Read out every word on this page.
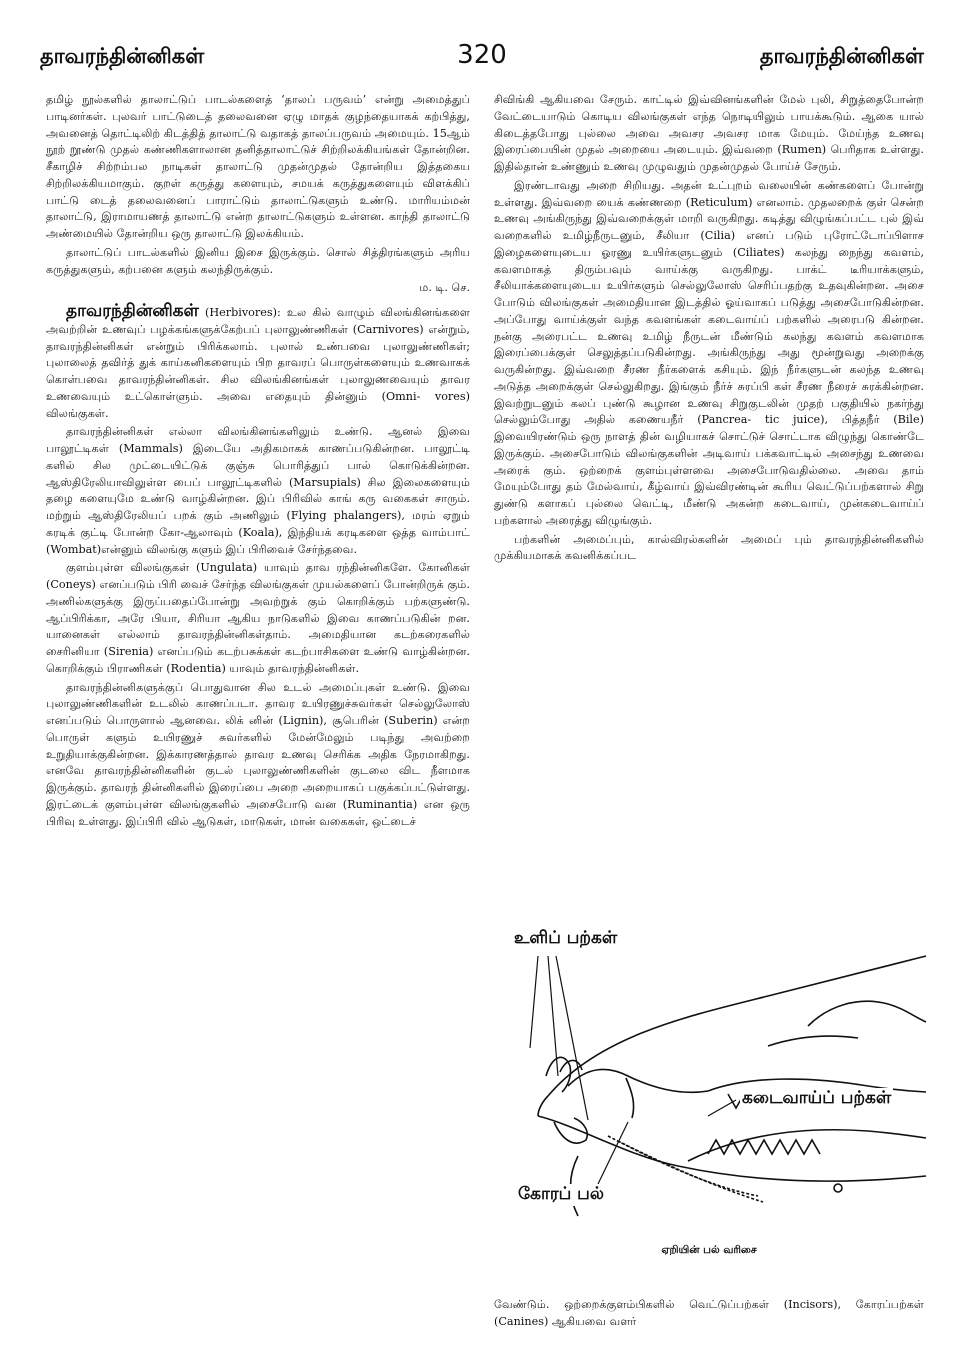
தாவரந்தின்னிகள்	320	தாவரந்தின்னிகள்

தமிழ் நூல்களில் தாலாட்டுப் பாடல்களைத் ‘தாலப் பருவம்’ என்று அமைத்துப் பாடினர்கள். புலவர் பாட்டுடைத் தலைவனை ஏழு மாதக் குழந்தையாகக் கற்பித்து, அவனைத் தொட்டிலிற் கிடத்தித் தாலாட்டு வதாகத் தாலப்பருவம் அமையும். 15ஆம் நூற் றூண்டு முதல் கண்ணிகளாலான தனித்தாலாட்டுச் சிற்றிலக்கியங்கள் தோன்றின. சீகாழிச் சிற்றம்பல நாடிகள் தாலாட்டு முதன்முதல் தோன்றிய இத்தகைய சிற்றிலக்கியமாகும். குறள் கருத்து களையும், சமயக் கருத்துகளையும் விளக்கிப் பாட்டு டைத் தலைவனைப் பாராட்டும் தாலாட்டுகளும் உண்டு. மாரியம்மன் தாலாட்டு, இராமாயணத் தாலாட்டு என்ற தாலாட்டுகளும் உள்ளன. காந்தி தாலாட்டு அண்மையில் தோன்றிய ஒரு தாலாட்டு இலக்கியம்.

தாலாட்டுப் பாடல்களில் இனிய இசை இருக்கும். சொல் சித்திரங்களும் அரிய கருத்துகளும், கற்பனை களும் கலந்திருக்கும்.

ம. டி. செ.

தாவரந்தின்னிகள் (Herbivores): உல கில் வாழும் விலங்கினங்களை அவற்றின் உணவுப் பழக்கங்களுக்கேற்பப் புலாலுண்ணிகள் (Carnivores) என்றும், தாவரந்தின்னிகள் என்றும் பிரிக்கலாம். புலால் உண்பவை புலாலுண்ணிகள்; புலாலைத் தவிர்த் துக் காய்கனிகளையும் பிற தாவரப் பொருள்களையும் உணவாகக் கொள்பவை தாவரந்தின்னிகள். சில விலங்கினங்கள் புலாலுணவையும் தாவர உணவையும் உட்கொள்ளும். அவை எதையும் தின்னும் (Omni- vores) விலங்குகள்.

தாவரந்தின்னிகள் எல்லா விலங்கினங்களிலும் உண்டு. ஆனல் இவை பாலூட்டிகள் (Mammals) இடையே அதிகமாகக் காணப்படுகின்றன. பாலூட்டி களில் சில முட்டையிட்டுக் குஞ்சு பொரித்துப் பால் கொடுக்கின்றன. ஆஸ்திரேலியாவிலுள்ள பைப் பாலூட்டிகளில் (Marsupials) சில இலைகளையும் தழை களையுமே உண்டு வாழ்கின்றன. இப் பிரிவில் காங் கரு வகைகள் சாரும். மற்றும் ஆஸ்திரேலியப் பறக் கும் அணிலும் (Flying phalangers), மரம் ஏறும் கரடிக் குட்டி போன்ற கோ-ஆலாவும் (Koala), இந்தியக் கரடிகளை ஒத்த வாம்பாட் (Wombat)என்னும் விலங்கு களும் இப் பிரிவைச் சேர்ந்தவை.

குளம்புள்ள விலங்குகள் (Ungulata) யாவும் தாவ ரந்தின்னிகளே. கோனிகள் (Coneys) எனப்படும் பிரி வைச் சேர்ந்த விலங்குகள் முயல்களைப் போன்றிருக் கும். அணில்களுக்கு இருப்பதைப்போன்று அவற்றுக் கும் கொறிக்கும் பற்களுண்டு. ஆப்பிரிக்கா, அரே பியா, சிரியா ஆகிய நாடுகளில் இவை காணப்படுகின் றன. யானைகள் எல்லாம் தாவரந்தின்னிகள்தாம். அமைதியான கடற்கரைகளில் சைரினியா (Sirenia) எனப்படும் கடற்பசுக்கள் கடற்பாசிகளை உண்டு வாழ்கின்றன. கொறிக்கும் பிராணிகள் (Rodentia) யாவும் தாவரந்தின்னிகள்.

தாவரந்தின்னிகளுக்குப் பொதுவான சில உடல் அமைப்புகள் உண்டு. இவை புலாலுண்ணிகளின் உடலில் காணப்படா. தாவர உயிரணுச்சுவர்கள் செல்லுலோஸ் எனப்படும் பொருளால் ஆனவை. லிக் னின் (Lignin), சூபெரின் (Suberin) என்ற பொருள் களும் உயிரணுச் சுவர்களில் மேன்மேலும் படிந்து அவற்றை உறுதியாக்குகின்றன. இக்காரணத்தால் தாவர உணவு செரிக்க அதிக நேரமாகிறது. எனவே தாவரந்தின்னிகளின் குடல் புலாலுண்ணிகளின் குடலை விட நீளமாக இருக்கும். தாவரந் தின்னிகளில் இரைப்பை அறை அறையாகப் பகுக்கப்பட்டுள்ளது. இரட்டைக் குளம்புள்ள விலங்குகளில் அசைபோடு வன (Ruminantia) என ஒரு பிரிவு உள்ளது. இப்பிரி வில் ஆடுகள், மாடுகள், மான் வகைகள், ஒட்டைச்

சிவிங்கி ஆகியவை சேரும். காட்டில் இவ்வினங்களின் மேல் புலி, சிறுத்தைபோன்ற வேட்டையாடும் கொடிய விலங்குகள் எந்த நொடியிலும் பாயக்கூடும். ஆகை யால் கிடைத்தபோது புல்லை அவை அவசர அவசர மாக மேயும். மேய்ந்த உணவு இரைப்பையின் முதல் அறையை அடையும். இவ்வறை (Rumen) பெரிதாக உள்ளது. இதில்தான் உண்ணும் உணவு முழுவதும் முதன்முதல் போய்ச் சேரும்.

இரண்டாவது அறை சிறியது. அதன் உட்புறம் வலையின் கண்களைப் போன்று உள்ளது. இவ்வறை யைக் கண்ணறை (Reticulum) எனலாம். முதலறைக் குள் சென்ற உணவு அங்கிருந்து இவ்வறைக்குள் மாறி வருகிறது. கடித்து விழுங்கப்பட்ட புல் இவ் வறைகளில் உமிழ்நீருடனும், சீலியா (Cilia) எனப் படும் புரோட்டோப்பிளாச இழைகளையுடைய ஓரணு உயிர்களுடனும் (Ciliates) கலந்து நைந்து கவளம், கவளமாகத் திரும்பவும் வாய்க்கு வருகிறது. பாக்ட் டீரியாக்களும், சீலியாக்களையுடைய உயிர்களும் செல்லுலோஸ் செரிப்பதற்கு உதவுகின்றன. அசை போடும் விலங்குகள் அமைதியான இடத்தில் ஓய்வாகப் படுத்து அசைபோடுகின்றன. அப்போது வாய்க்குள் வந்த கவளங்கள் கடைவாய்ப் பற்களில் அரைபடு கின்றன. நன்கு அரைபட்ட உணவு உமிழ் நீருடன் மீண்டும் கலந்து கவளம் கவளமாக இரைப்பைக்குள் செலுத்தப்படுகின்றது. அங்கிருந்து அது மூன்றுவது அறைக்கு வருகின்றது. இவ்வறை சீரண நீர்களைக் கசியும். இந் நீர்களுடன் கலந்த உணவு அடுத்த அறைக்குள் செல்லுகிறது. இங்கும் நீர்ச் சுரப்பி கள் சீரண நீரைச் சுரக்கின்றன. இவற்றுடனும் கலப் புண்டு கூழான உணவு சிறுகுடலின் முதற் பகுதியில் நகர்ந்து செல்லும்போது அதில் கணையநீர் (Pancrea- tic juice), பித்தநீர் (Bile) இவையிரண்டும் ஒரு நாளத் தின் வழியாகச் சொட்டுச் சொட்டாக விழுந்து கொண்டே இருக்கும். அசைபோடும் விலங்குகளின் அடிவாய் பக்கவாட்டில் அசைந்து உணவை அரைக் கும். ஒற்றைக் குளம்புள்ளவை அசைபோடுவதில்லை. அவை தாம் மேயும்போது தம் மேல்வாய், கீழ்வாய் இவ்விரண்டின் கூரிய வெட்டுப்பற்களால் சிறு துண்டு களாகப் புல்லை வெட்டி, மீண்டு அகன்ற கடைவாய், முன்கடைவாய்ப் பற்களால் அரைத்து விழுங்கும்.

பற்களின் அமைப்பும், கால்விரல்களின் அமைப் பும் தாவரந்தின்னிகளில் முக்கியமாகக் கவனிக்கப்பட

உளிப் பற்கள்
கடைவாய்ப் பற்கள்
கோரப் பல்
ஏறியின் பல் வரிசை

வேண்டும். ஒற்றைக்குளம்பிகளில் வெட்டுப்பற்கள் (Incisors), கோரப்பற்கள் (Canines) ஆகியவை வளர்
